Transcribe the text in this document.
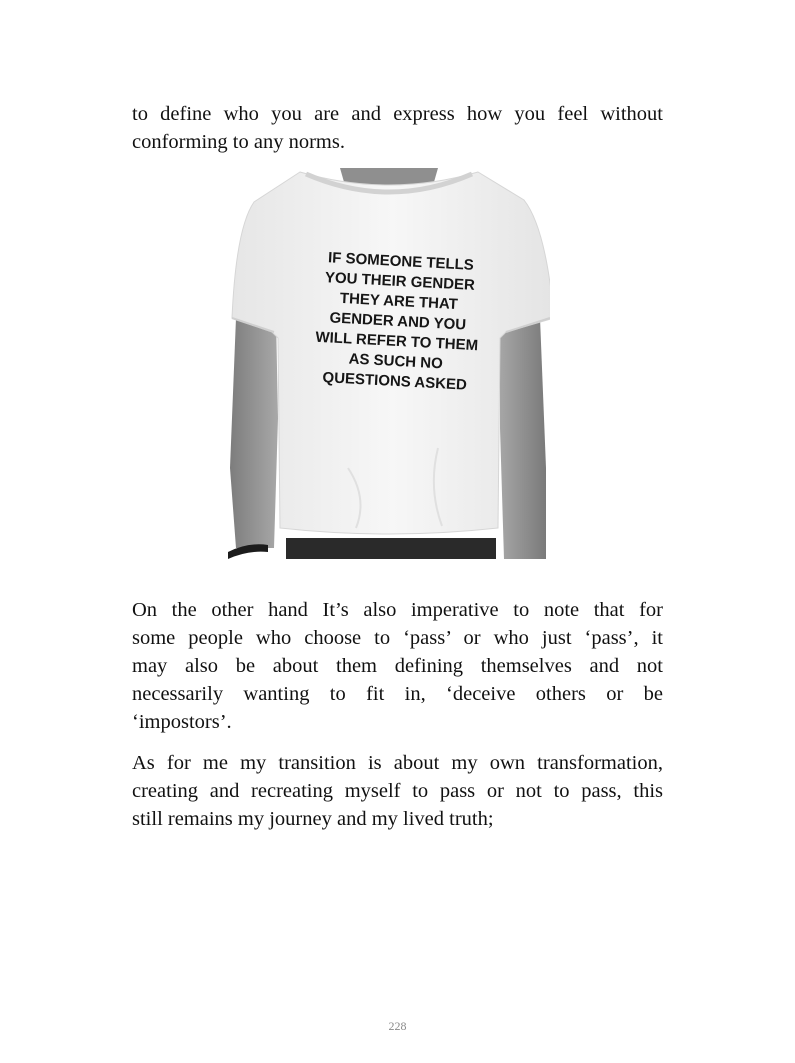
to define who you are and express how you feel without
conforming to any norms.

IF SOMEONE TELLS
YOU THEIR GENDER
THEY ARE THAT
GENDER AND YOU
WILL REFER TO THEM
AS SUCH NO
QUESTIONS ASKED

On the other hand It’s also imperative to note that for
some people who choose to ‘pass’ or who just ‘pass’, it
may also be about them defining themselves and not
necessarily wanting to fit in, ‘deceive others or be
‘impostors’.

As for me my transition is about my own transformation,
creating and recreating myself to pass or not to pass, this
still remains my journey and my lived truth;

228
